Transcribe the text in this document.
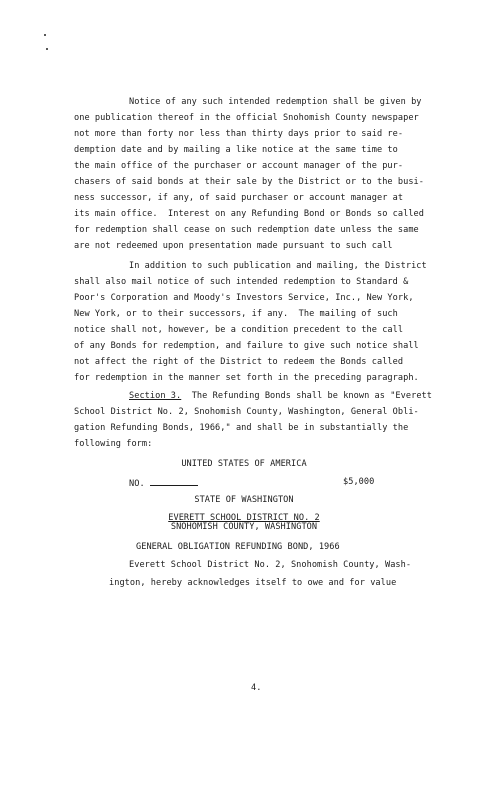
Notice of any such intended redemption shall be given by
one publication thereof in the official Snohomish County newspaper
not more than forty nor less than thirty days prior to said re-
demption date and by mailing a like notice at the same time to
the main office of the purchaser or account manager of the pur-
chasers of said bonds at their sale by the District or to the busi-
ness successor, if any, of said purchaser or account manager at
its main office.  Interest on any Refunding Bond or Bonds so called
for redemption shall cease on such redemption date unless the same
are not redeemed upon presentation made pursuant to such call
In addition to such publication and mailing, the District
shall also mail notice of such intended redemption to Standard &
Poor's Corporation and Moody's Investors Service, Inc., New York,
New York, or to their successors, if any.  The mailing of such
notice shall not, however, be a condition precedent to the call
of any Bonds for redemption, and failure to give such notice shall
not affect the right of the District to redeem the Bonds called
for redemption in the manner set forth in the preceding paragraph.
Section 3.  The Refunding Bonds shall be known as "Everett
School District No. 2, Snohomish County, Washington, General Obli-
gation Refunding Bonds, 1966," and shall be in substantially the
following form:
UNITED STATES OF AMERICA
NO.	$5,000
STATE OF WASHINGTON
EVERETT SCHOOL DISTRICT NO. 2
SNOHOMISH COUNTY, WASHINGTON
GENERAL OBLIGATION REFUNDING BOND, 1966
Everett School District No. 2, Snohomish County, Wash-
ington, hereby acknowledges itself to owe and for value
4.
